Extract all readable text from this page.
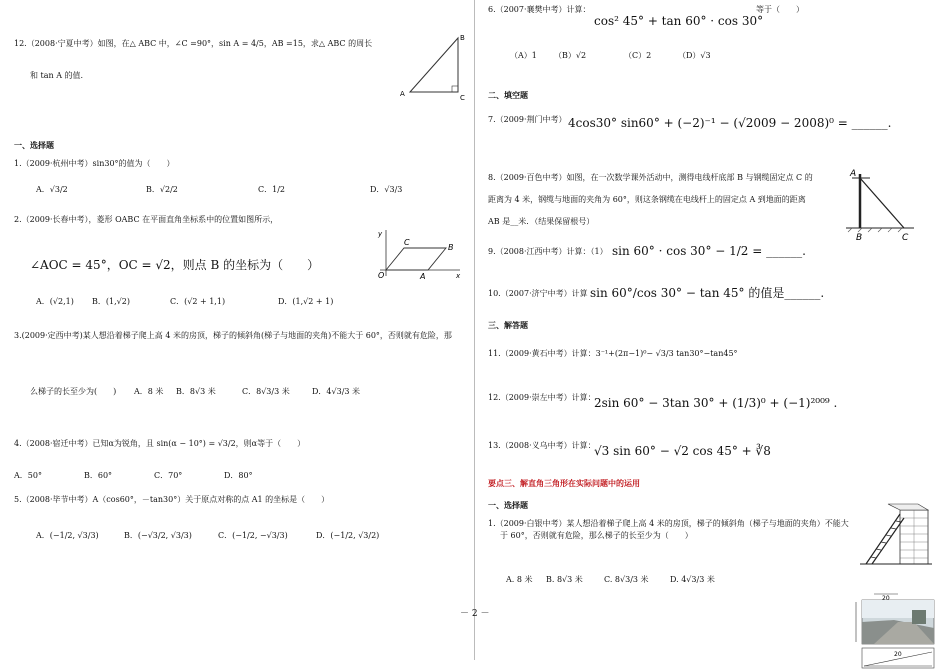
12.（2008·宁夏中考）如图，在△ ABC 中，∠C =90°，sin A = 4/5，AB =15，求△ ABC 的周长
和 tan A 的值.
A
B
C
一、选择题
1.（2009·杭州中考）sin30°的值为（　　）
A．√3/2	B．√2/2	C．1/2	D．√3/3
2.（2009·长春中考），菱形 OABC 在平面直角坐标系中的位置如图所示，
∠AOC = 45°，OC = √2，则点 B 的坐标为（　　）
y
x
O	A
B
C
A．(√2,1) B．(1,√2)	C．(√2 + 1,1)	D．(1,√2 + 1)
3.(2009·定西中考)某人想沿着梯子爬上高 4 米的房顶，梯子的倾斜角(梯子与地面的夹角)不能大于 60°，否则就有危险，那
么梯子的长至少为(　　) A．8 米 B．8√3 米	C．8√3/3 米	D．4√3/3 米
4.（2008·宿迁中考）已知α为锐角，且 sin(α − 10°) = √3/2，则α等于（　　）
A．50°	B．60°	C．70°	D．80°
5.（2008·毕节中考）A（cos60°，－tan30°）关于原点对称的点 A1 的坐标是（　　）
A．(−1/2, √3/3)	B．(−√3/2, √3/3)	C．(−1/2, −√3/3)	D．(−1/2, √3/2)
6.（2007·襄樊中考）计算：
cos² 45° + tan 60° · cos 30°
等于（　　）
（A）1 （B）√2	（C）2	（D）√3
二、填空题
7.（2009·荆门中考） 4cos30° sin60° + (−2)⁻¹ − (√2009 − 2008)⁰ = ______.
8.（2009·百色中考）如图，在一次数学课外活动中，测得电线杆底部 B 与钢缆固定点 C 的
距离为 4 米，钢缆与地面的夹角为 60°，则这条钢缆在电线杆上的固定点 A 到地面的距离
AB 是__米．（结果保留根号）
A
B	C
9.（2008·江西中考）计算：（1） sin 60° · cos 30° − 1/2 = ______.
10.（2007·济宁中考）计算 sin 60°/cos 30° − tan 45° 的值是______.
三、解答题
11.（2009·黄石中考）计算：3⁻¹+(2π−1)⁰− √3/3 tan30°−tan45°
12.（2009·崇左中考）计算：
2sin 60° − 3tan 30° + (1/3)⁰ + (−1)²⁰⁰⁹ .
13.（2008·义乌中考）计算：
√3 sin 60° − √2 cos 45° + ∛8
要点三、解直角三角形在实际问题中的运用
一、选择题
1.（2009·白银中考）某人想沿着梯子爬上高 4 米的房顶，梯子的倾斜角（梯子与地面的夹角）不能大
于 60°，否则就有危险，那么梯子的长至少为（　　）
A. 8 米 B. 8√3 米	C. 8√3/3 米	D. 4√3/3 米
20
20
－ 2 －
